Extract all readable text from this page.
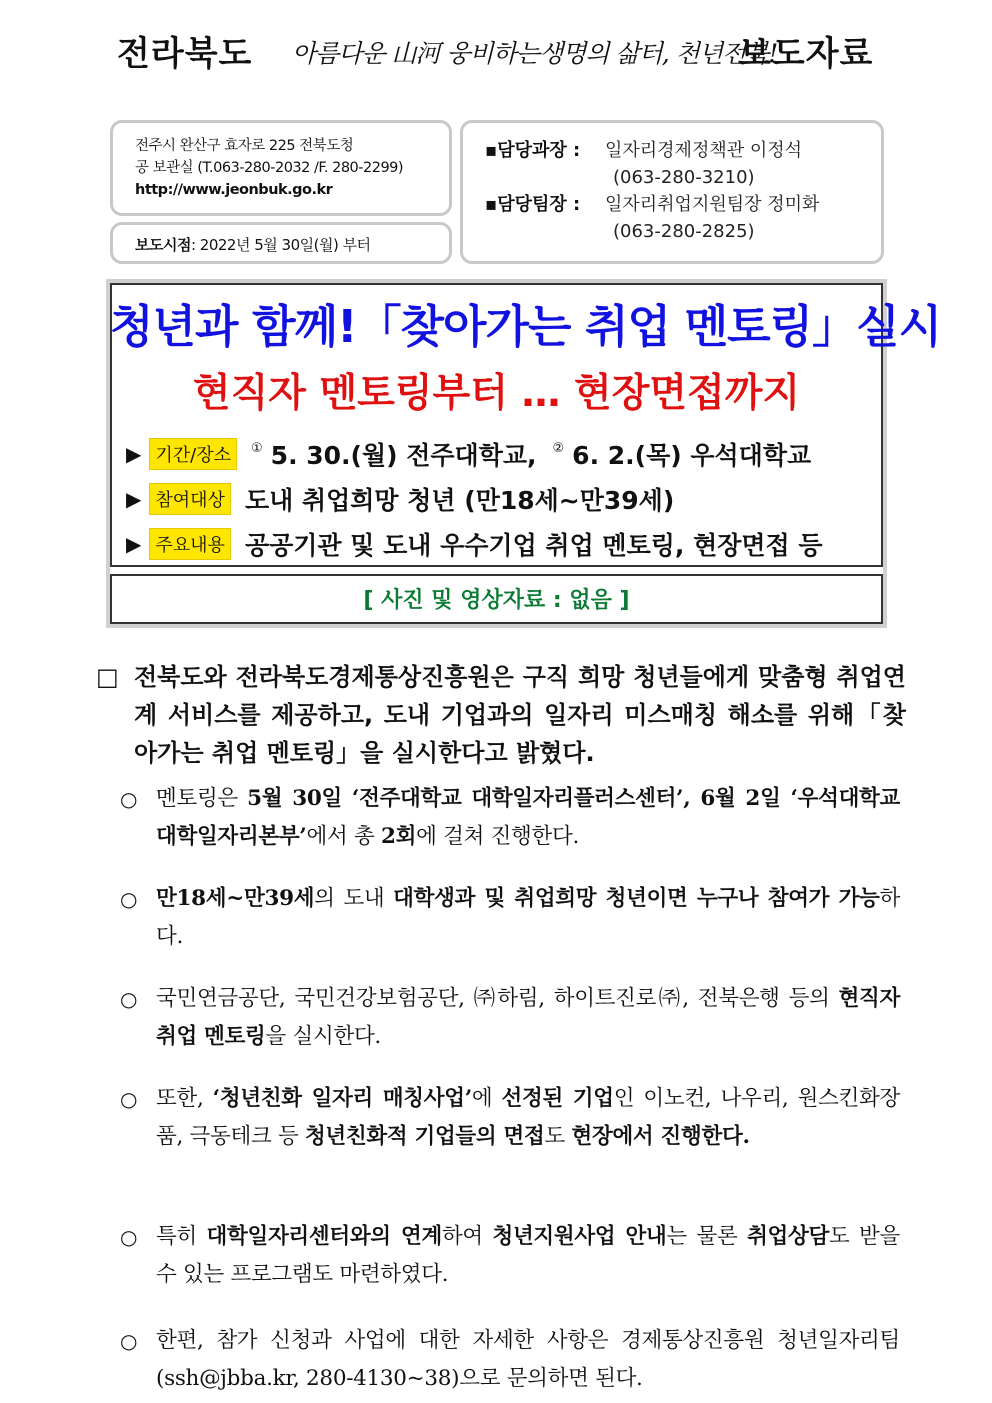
전라북도 아름다운 山河 웅비하는생명의 삶터, 천년전북!
보도자료
전주시 완산구 효자로 225 전북도청
공 보관실 (T.063-280-2032 /F. 280-2299)
http://www.jeonbuk.go.kr
보도시점: 2022년 5월 30일(월) 부터
▪담당과장 :	일자리경제정책관 이정석
(063-280-3210)
▪담당팀장 :	일자리취업지원팀장 정미화
(063-280-2825)
청년과 함께!「찾아가는 취업 멘토링」실시
현직자 멘토링부터 … 현장면접까지
▶ 기간/장소	① 5. 30.(월) 전주대학교, ② 6. 2.(목) 우석대학교
▶ 참여대상 도내 취업희망 청년 (만18세~만39세)
▶ 주요내용 공공기관 및 도내 우수기업 취업 멘토링, 현장면접 등
[ 사진 및 영상자료 : 없음 ]
□ 전북도와 전라북도경제통상진흥원은 구직 희망 청년들에게 맞춤형 취업연계 서비스를 제공하고, 도내 기업과의 일자리 미스매칭 해소를 위해「찾아가는 취업 멘토링」을 실시한다고 밝혔다.
○ 멘토링은 5월 30일 ‘전주대학교 대학일자리플러스센터’, 6월 2일 ‘우석대학교 대학일자리본부’에서 총 2회에 걸쳐 진행한다.
○ 만18세~만39세의 도내 대학생과 및 취업희망 청년이면 누구나 참여가 가능하다.
○ 국민연금공단, 국민건강보험공단, ㈜하림, 하이트진로㈜, 전북은행 등의 현직자 취업 멘토링을 실시한다.
○ 또한, ‘청년친화 일자리 매칭사업’에 선정된 기업인 이노컨, 나우리, 원스킨화장품, 극동테크 등 청년친화적 기업들의 면접도 현장에서 진행한다.
○ 특히 대학일자리센터와의 연계하여 청년지원사업 안내는 물론 취업상담도 받을 수 있는 프로그램도 마련하였다.
○ 한편, 참가 신청과 사업에 대한 자세한 사항은 경제통상진흥원 청년일자리팀(ssh@jbba.kr, 280-4130~38)으로 문의하면 된다.
